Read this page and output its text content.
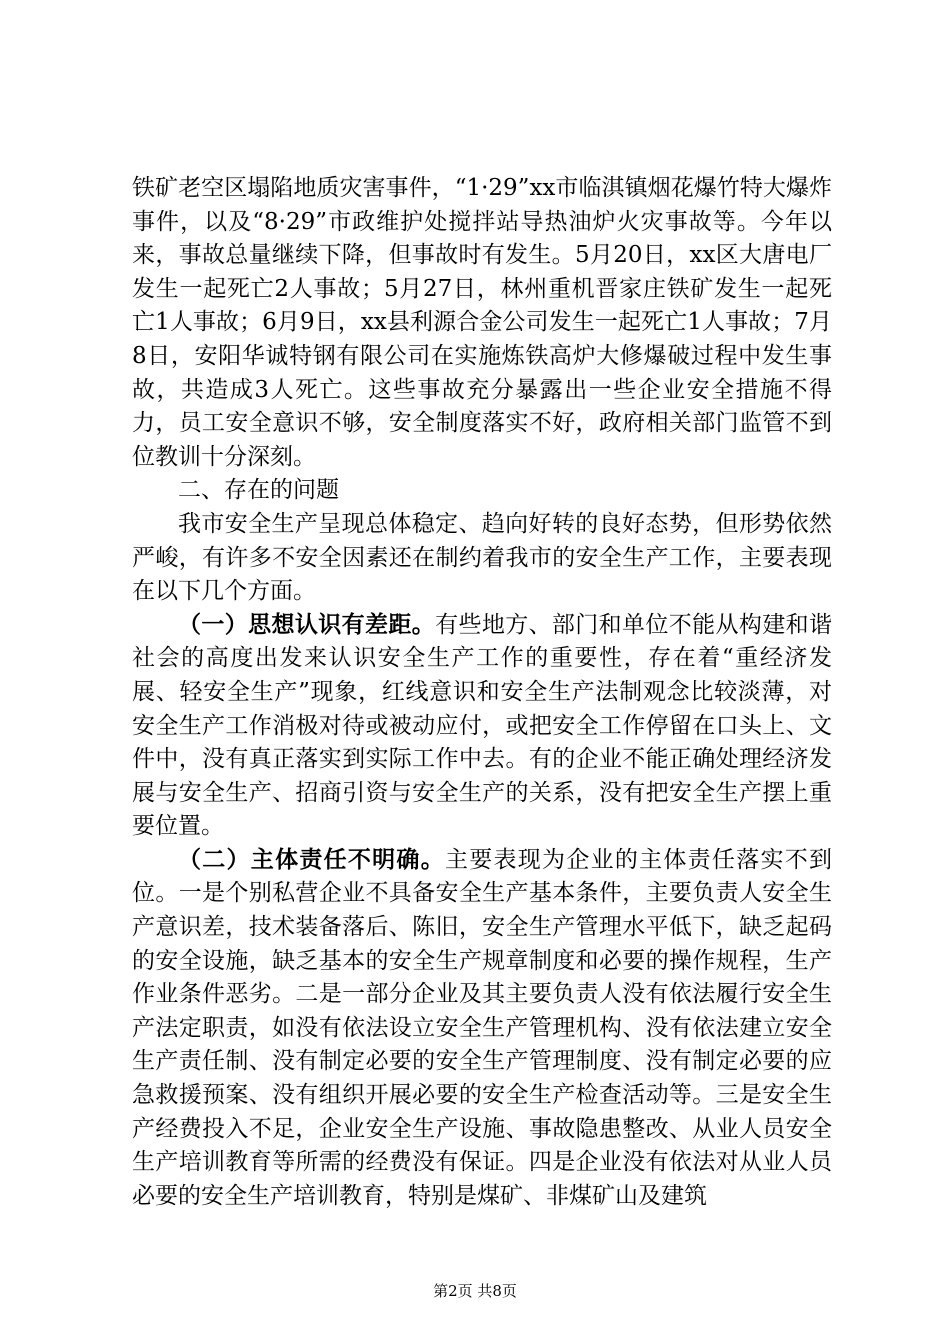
铁矿老空区塌陷地质灾害事件，“1·29”xx市临淇镇烟花爆竹特大爆炸事件，以及“8·29”市政维护处搅拌站导热油炉火灾事故等。今年以来，事故总量继续下降，但事故时有发生。5月20日，xx区大唐电厂发生一起死亡2人事故；5月27日，林州重机晋家庄铁矿发生一起死亡1人事故；6月9日，xx县利源合金公司发生一起死亡1人事故；7月8日，安阳华诚特钢有限公司在实施炼铁高炉大修爆破过程中发生事故，共造成3人死亡。这些事故充分暴露出一些企业安全措施不得力，员工安全意识不够，安全制度落实不好，政府相关部门监管不到位教训十分深刻。

二、存在的问题

我市安全生产呈现总体稳定、趋向好转的良好态势，但形势依然严峻，有许多不安全因素还在制约着我市的安全生产工作，主要表现在以下几个方面。

（一）思想认识有差距。有些地方、部门和单位不能从构建和谐社会的高度出发来认识安全生产工作的重要性，存在着“重经济发展、轻安全生产”现象，红线意识和安全生产法制观念比较淡薄，对安全生产工作消极对待或被动应付，或把安全工作停留在口头上、文件中，没有真正落实到实际工作中去。有的企业不能正确处理经济发展与安全生产、招商引资与安全生产的关系，没有把安全生产摆上重要位置。

（二）主体责任不明确。主要表现为企业的主体责任落实不到位。一是个别私营企业不具备安全生产基本条件，主要负责人安全生产意识差，技术装备落后、陈旧，安全生产管理水平低下，缺乏起码的安全设施，缺乏基本的安全生产规章制度和必要的操作规程，生产作业条件恶劣。二是一部分企业及其主要负责人没有依法履行安全生产法定职责，如没有依法设立安全生产管理机构、没有依法建立安全生产责任制、没有制定必要的安全生产管理制度、没有制定必要的应急救援预案、没有组织开展必要的安全生产检查活动等。三是安全生产经费投入不足，企业安全生产设施、事故隐患整改、从业人员安全生产培训教育等所需的经费没有保证。四是企业没有依法对从业人员必要的安全生产培训教育，特别是煤矿、非煤矿山及建筑

第2页 共8页
